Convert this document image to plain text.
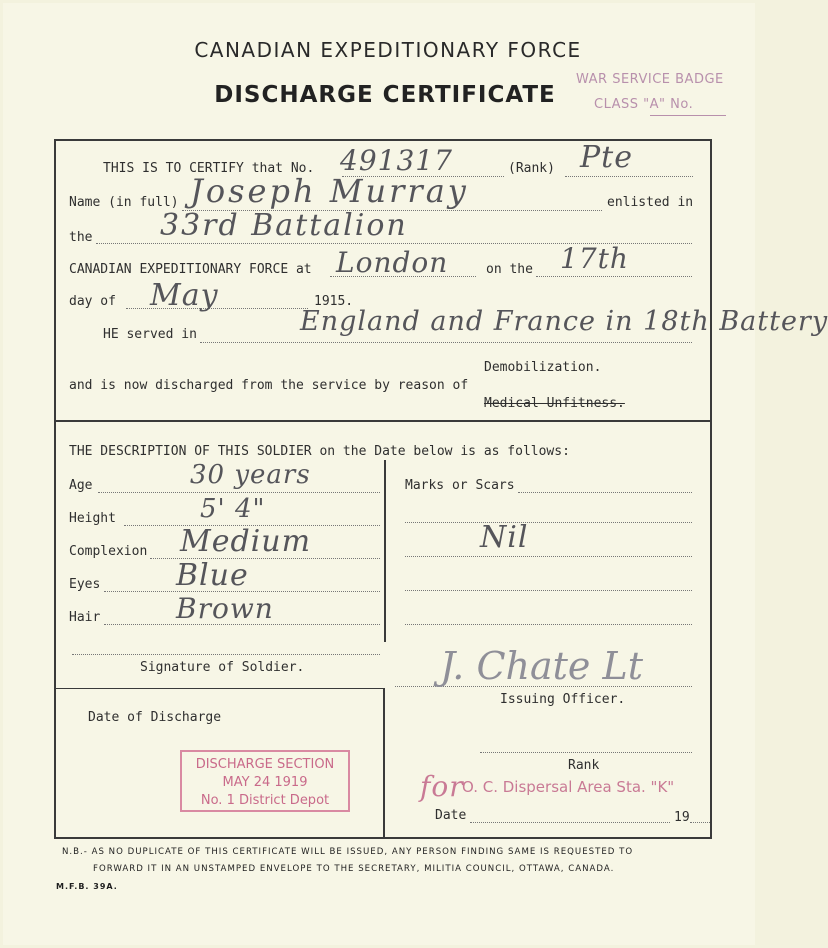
CANADIAN EXPEDITIONARY FORCE
DISCHARGE CERTIFICATE
WAR SERVICE BADGE
CLASS "A" No.
THIS IS TO CERTIFY that No. 491317	(Rank) Pte
Name (in full) Joseph Murray	enlisted in
the 33rd Battalion
CANADIAN EXPEDITIONARY FORCE at London	on the 17th
day of May	1915.
HE served in	England and France in 18th Battery
Demobilization.
and is now discharged from the service by reason of
Medical Unfitness.
THE DESCRIPTION OF THIS SOLDIER on the Date below is as follows:
Age	30 years
Height	5' 4"
Complexion Medium
Eyes	Blue
Hair	Brown
Signature of Soldier.
Marks or Scars
Nil
J. Chate Lt
Issuing Officer.
Date of Discharge
DISCHARGE SECTION
MAY 24 1919
No. 1 District Depot
Rank
for
O. C. Dispersal Area Sta. "K"
Date	19
N.B.- AS NO DUPLICATE OF THIS CERTIFICATE WILL BE ISSUED, ANY PERSON FINDING SAME IS REQUESTED TO
FORWARD IT IN AN UNSTAMPED ENVELOPE TO THE SECRETARY, MILITIA COUNCIL, OTTAWA, CANADA.
M.F.B. 39A.
